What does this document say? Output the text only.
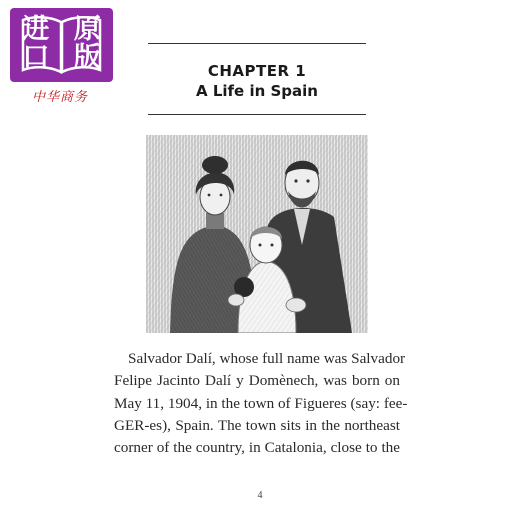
进 原
口 版
中华商务
CHAPTER 1
A Life in Spain
Salvador Dalí, whose full name was Salvador
Felipe Jacinto Dalí y Domènech, was born on
May 11, 1904, in the town of Figueres (say: fee-
GER-es), Spain. The town sits in the northeast
corner of the country, in Catalonia, close to the
4
